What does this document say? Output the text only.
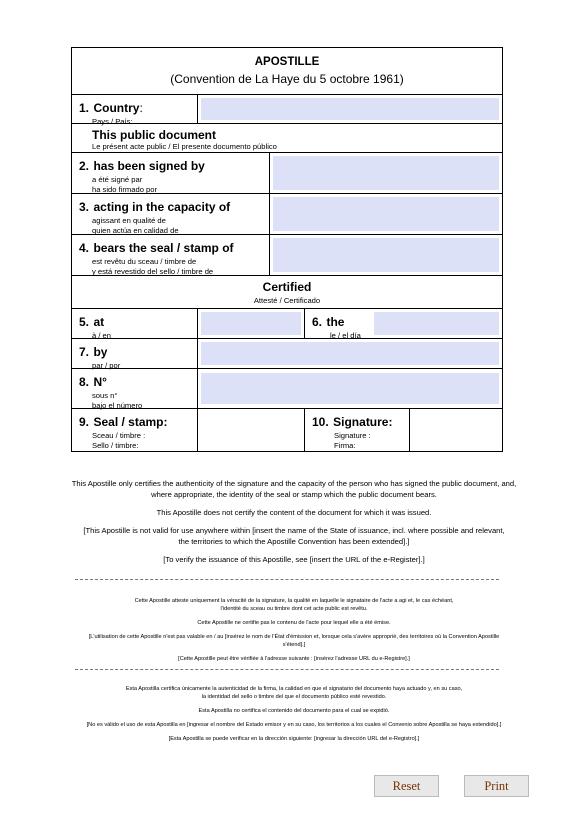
APOSTILLE
(Convention de La Haye du 5 octobre 1961)
1. Country:
Pays / País:
This public document
Le présent acte public / El presente documento público
2. has been signed by
a été signé par
ha sido firmado por
3. acting in the capacity of
agissant en qualité de
quien actúa en calidad de
4. bears the seal / stamp of
est revêtu du sceau / timbre de
y está revestido del sello / timbre de
Certified
Attesté / Certificado
5. at
à / en
6. the
le / el día
7. by
par / por
8. N°
sous n°
bajo el número
9. Seal / stamp:
Sceau / timbre :
Sello / timbre:
10. Signature:
Signature :
Firma:
This Apostille only certifies the authenticity of the signature and the capacity of the person who has signed the public document, and,
where appropriate, the identity of the seal or stamp which the public document bears.
This Apostille does not certify the content of the document for which it was issued.
[This Apostille is not valid for use anywhere within [insert the name of the State of issuance, incl. where possible and relevant,
the territories to which the Apostille Convention has been extended].]
[To verify the issuance of this Apostille, see [insert the URL of the e-Register].]
Cette Apostille atteste uniquement la véracité de la signature, la qualité en laquelle le signataire de l'acte a agi et, le cas échéant,
l'identité du sceau ou timbre dont cet acte public est revêtu.
Cette Apostille ne certifie pas le contenu de l'acte pour lequel elle a été émise.
[L'utilisation de cette Apostille n'est pas valable en / au [insérez le nom de l'État d'émission et, lorsque cela s'avère approprié, des territoires où la Convention Apostille
s'étend].]
[Cette Apostille peut être vérifiée à l'adresse suivante : [insérez l'adresse URL du e-Registre].]
Esta Apostilla certifica únicamente la autenticidad de la firma, la calidad en que el signatario del documento haya actuado y, en su caso,
la identidad del sello o timbre del que el documento público esté revestido.
Esta Apostilla no certifica el contenido del documento para el cual se expidió.
[No es válido el uso de esta Apostilla en [ingresar el nombre del Estado emisor y en su caso, los territorios a los cuales el Convenio sobre Apostilla se haya extendido].]
[Esta Apostilla se puede verificar en la dirección siguiente: [ingresar la dirección URL del e-Registro].]
Reset	Print
